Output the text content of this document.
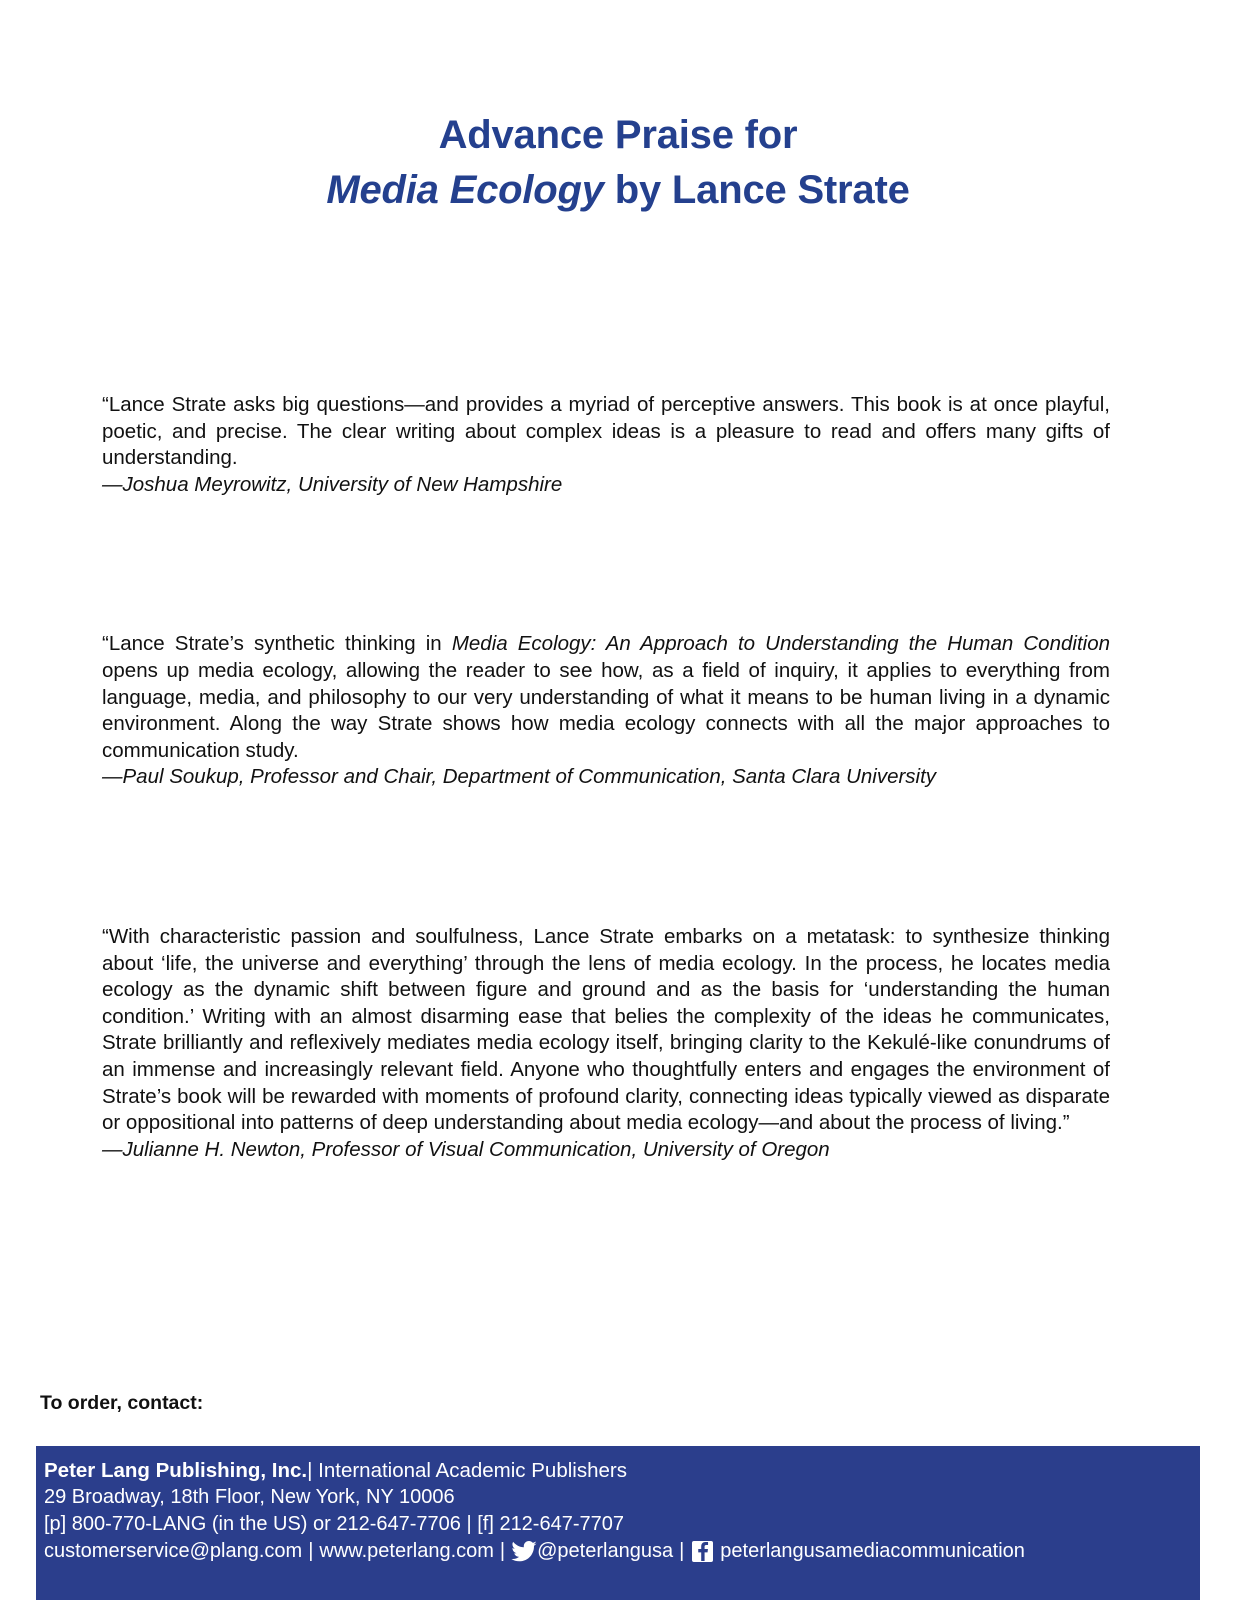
Advance Praise for
Media Ecology by Lance Strate

“Lance Strate asks big questions—and provides a myriad of perceptive answers. This book is at once playful, poetic, and precise. The clear writing about complex ideas is a pleasure to read and offers many gifts of understanding.

—Joshua Meyrowitz, University of New Hampshire

“Lance Strate’s synthetic thinking in Media Ecology: An Approach to Understanding the Human Condition opens up media ecology, allowing the reader to see how, as a field of inquiry, it applies to everything from language, media, and philosophy to our very understanding of what it means to be human living in a dynamic environment. Along the way Strate shows how media ecology connects with all the major approaches to communication study.

—Paul Soukup, Professor and Chair, Department of Communication, Santa Clara University

“With characteristic passion and soulfulness, Lance Strate embarks on a metatask: to synthesize thinking about ‘life, the universe and everything’ through the lens of media ecology. In the process, he locates media ecology as the dynamic shift between figure and ground and as the basis for ‘understanding the human condition.’ Writing with an almost disarming ease that belies the complexity of the ideas he communicates, Strate brilliantly and reflexively mediates media ecology itself, bringing clarity to the Kekulé-like conundrums of an immense and increasingly relevant field. Anyone who thoughtfully enters and engages the environment of Strate’s book will be rewarded with moments of profound clarity, connecting ideas typically viewed as disparate or oppositional into patterns of deep understanding about media ecology—and about the process of living.”

—Julianne H. Newton, Professor of Visual Communication, University of Oregon

To order, contact:
Peter Lang Publishing, Inc. | International Academic Publishers
29 Broadway, 18th Floor, New York, NY 10006
[p] 800-770-LANG (in the US) or 212-647-7706 | [f] 212-647-7707
customerservice@plang.com | www.peterlang.com |	@peterlangusa |	peterlangusamediacommunication
